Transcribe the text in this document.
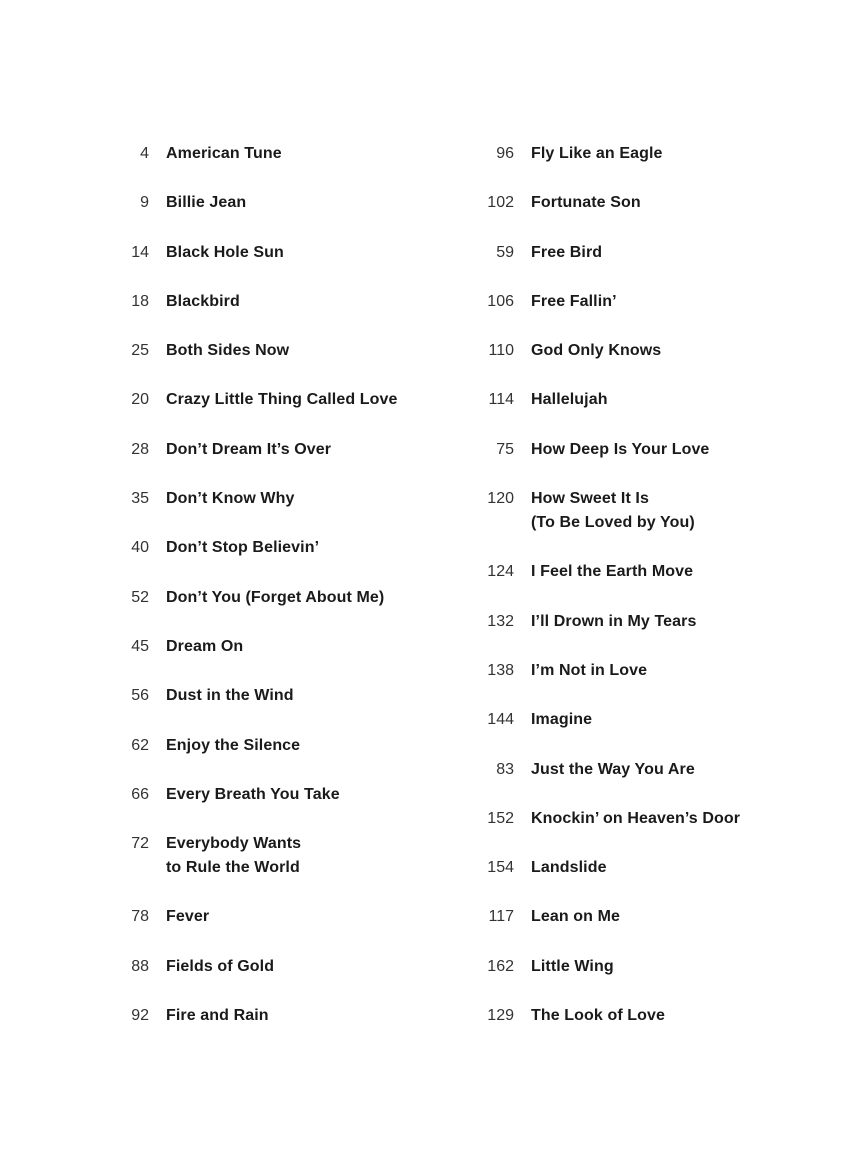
4 American Tune
9 Billie Jean
14 Black Hole Sun
18 Blackbird
25 Both Sides Now
20 Crazy Little Thing Called Love
28 Don’t Dream It’s Over
35 Don’t Know Why
40 Don’t Stop Believin’
52 Don’t You (Forget About Me)
45 Dream On
56 Dust in the Wind
62 Enjoy the Silence
66 Every Breath You Take
72 Everybody Wants
to Rule the World
78 Fever
88 Fields of Gold
92 Fire and Rain
96 Fly Like an Eagle
102 Fortunate Son
59 Free Bird
106 Free Fallin’
110 God Only Knows
114 Hallelujah
75 How Deep Is Your Love
120 How Sweet It Is
(To Be Loved by You)
124 I Feel the Earth Move
132 I’ll Drown in My Tears
138 I’m Not in Love
144 Imagine
83 Just the Way You Are
152 Knockin’ on Heaven’s Door
154 Landslide
117 Lean on Me
162 Little Wing
129 The Look of Love
